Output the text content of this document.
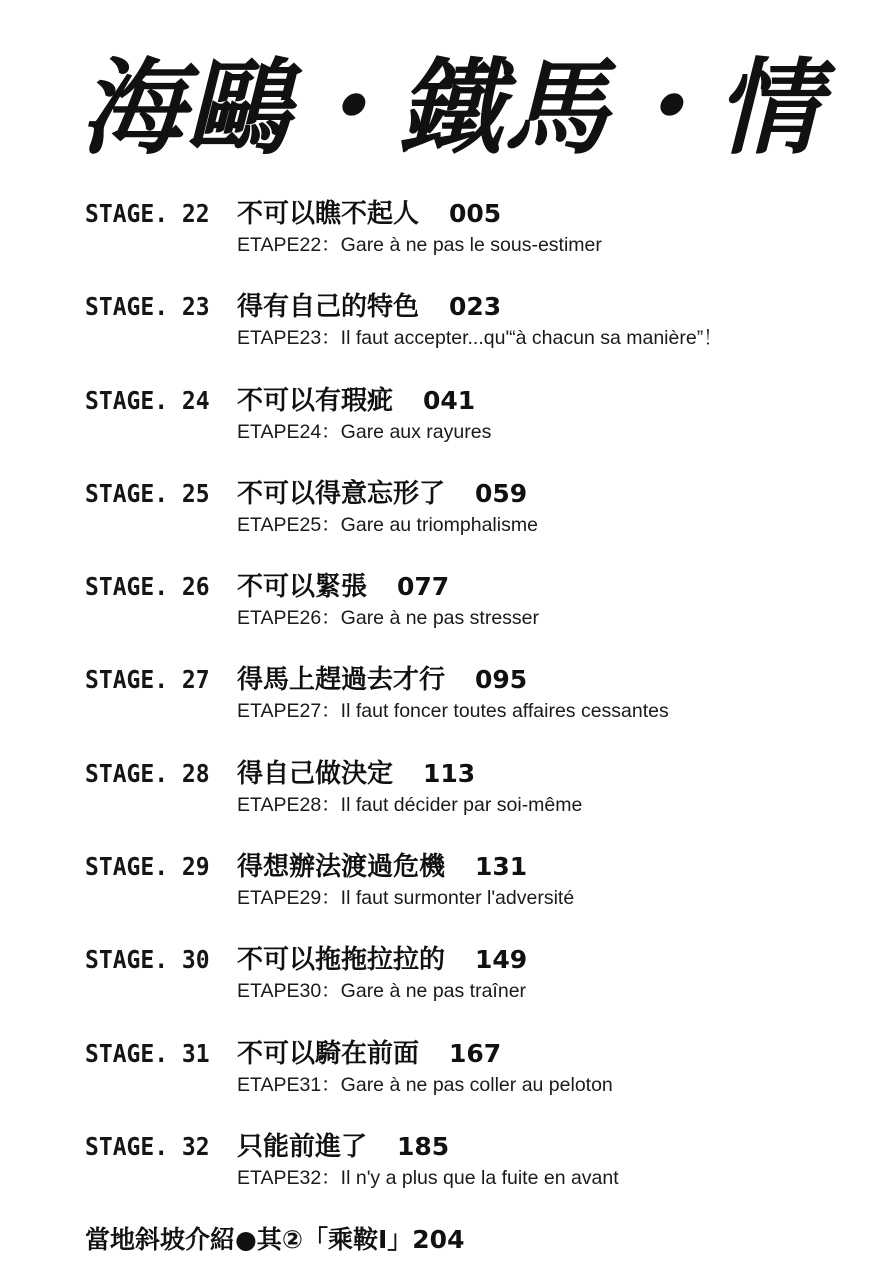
海鷗・鐵馬・情
STAGE. 22 不可以瞧不起人 005
ETAPE22：Gare à ne pas le sous-estimer
STAGE. 23 得有自己的特色 023
ETAPE23：Il faut accepter...qu'“à chacun sa manière”！
STAGE. 24 不可以有瑕疵 041
ETAPE24：Gare aux rayures
STAGE. 25 不可以得意忘形了 059
ETAPE25：Gare au triomphalisme
STAGE. 26 不可以緊張 077
ETAPE26：Gare à ne pas stresser
STAGE. 27 得馬上趕過去才行 095
ETAPE27：Il faut foncer toutes affaires cessantes
STAGE. 28 得自己做決定 113
ETAPE28：Il faut décider par soi-même
STAGE. 29 得想辦法渡過危機 131
ETAPE29：Il faut surmonter l'adversité
STAGE. 30 不可以拖拖拉拉的 149
ETAPE30：Gare à ne pas traîner
STAGE. 31 不可以騎在前面 167
ETAPE31：Gare à ne pas coller au peloton
STAGE. 32 只能前進了 185
ETAPE32：Il n'y a plus que la fuite en avant
當地斜坡介紹●其②「乘鞍Ⅰ」204
